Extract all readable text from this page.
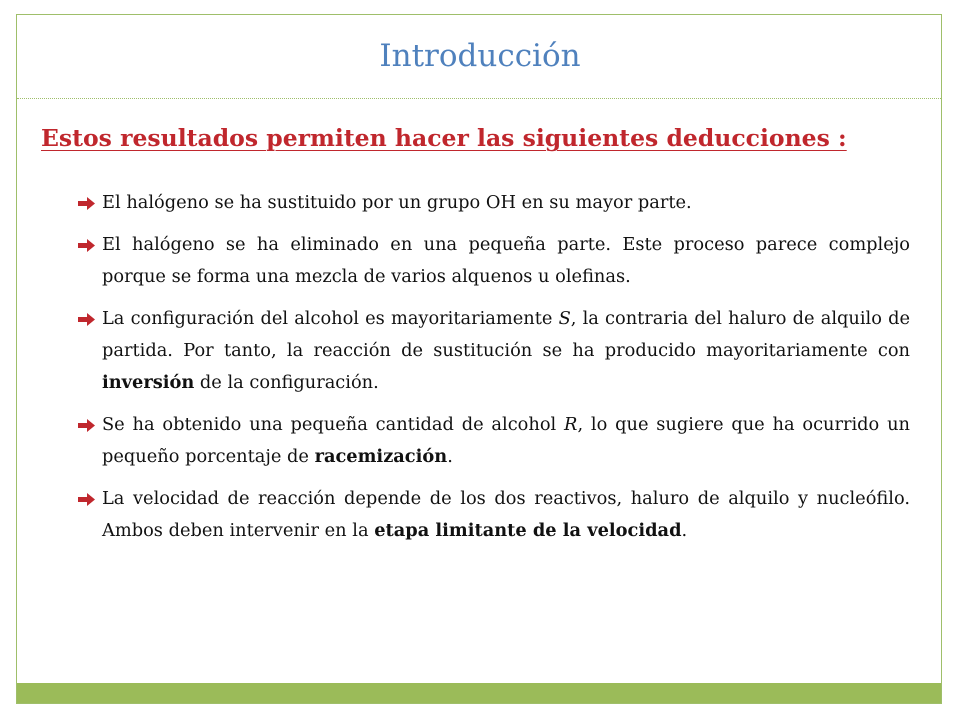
Introducción
Estos resultados permiten hacer las siguientes deducciones :
El halógeno se ha sustituido por un grupo OH en su mayor parte.
El halógeno se ha eliminado en una pequeña parte. Este proceso parece complejo porque se forma una mezcla de varios alquenos u olefinas.
La configuración del alcohol es mayoritariamente S, la contraria del haluro de alquilo de partida. Por tanto, la reacción de sustitución se ha producido mayoritariamente con inversión de la configuración.
Se ha obtenido una pequeña cantidad de alcohol R, lo que sugiere que ha ocurrido un pequeño porcentaje de racemización.
La velocidad de reacción depende de los dos reactivos, haluro de alquilo y nucleófilo. Ambos deben intervenir en la etapa limitante de la velocidad.
